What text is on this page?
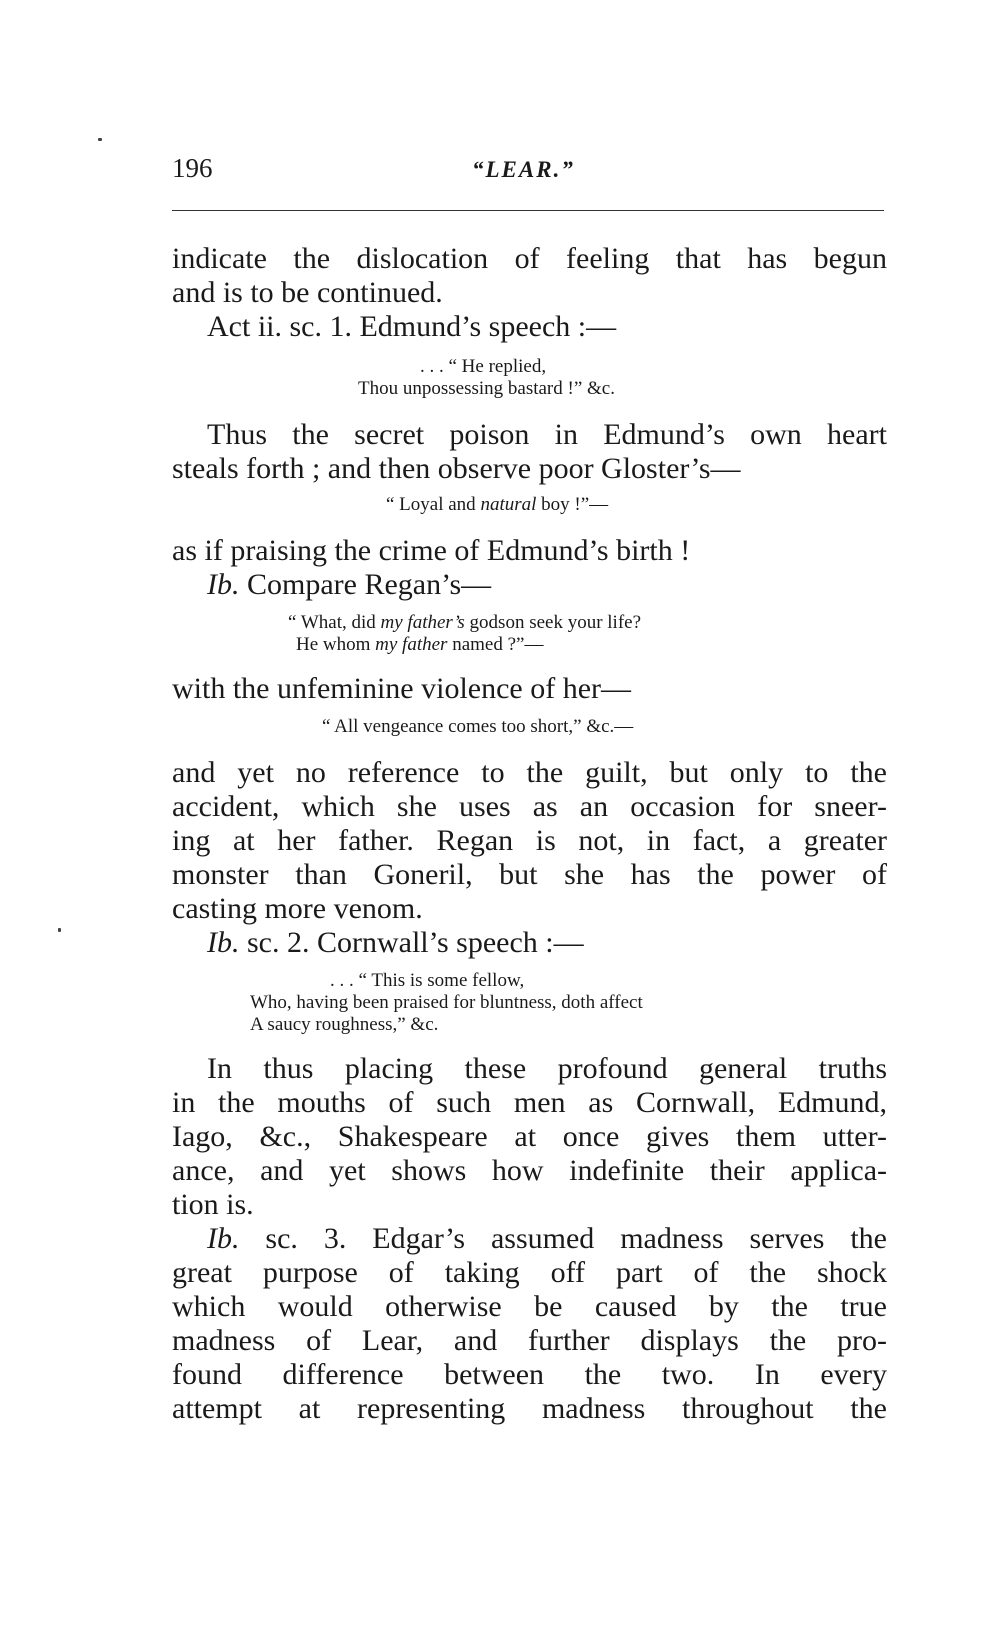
196	“LEAR.”
indicate the dislocation of feeling that has begun
and is to be continued.
Act ii. sc. 1. Edmund’s speech :—
. . . “ He replied,
Thou unpossessing bastard !” &c.
Thus the secret poison in Edmund’s own heart
steals forth ; and then observe poor Gloster’s—
“ Loyal and natural boy !”—
as if praising the crime of Edmund’s birth !
Ib. Compare Regan’s—
“ What, did my father’s godson seek your life?
He whom my father named ?”—
with the unfeminine violence of her—
“ All vengeance comes too short,” &c.—
and yet no reference to the guilt, but only to the
accident, which she uses as an occasion for sneer-
ing at her father. Regan is not, in fact, a greater
monster than Goneril, but she has the power of
casting more venom.
Ib. sc. 2. Cornwall’s speech :—
. . . “ This is some fellow,
Who, having been praised for bluntness, doth affect
A saucy roughness,” &c.
In thus placing these profound general truths
in the mouths of such men as Cornwall, Edmund,
Iago, &c., Shakespeare at once gives them utter-
ance, and yet shows how indefinite their applica-
tion is.
Ib. sc. 3. Edgar’s assumed madness serves the
great purpose of taking off part of the shock
which would otherwise be caused by the true
madness of Lear, and further displays the pro-
found difference between the two. In every
attempt at representing madness throughout the
